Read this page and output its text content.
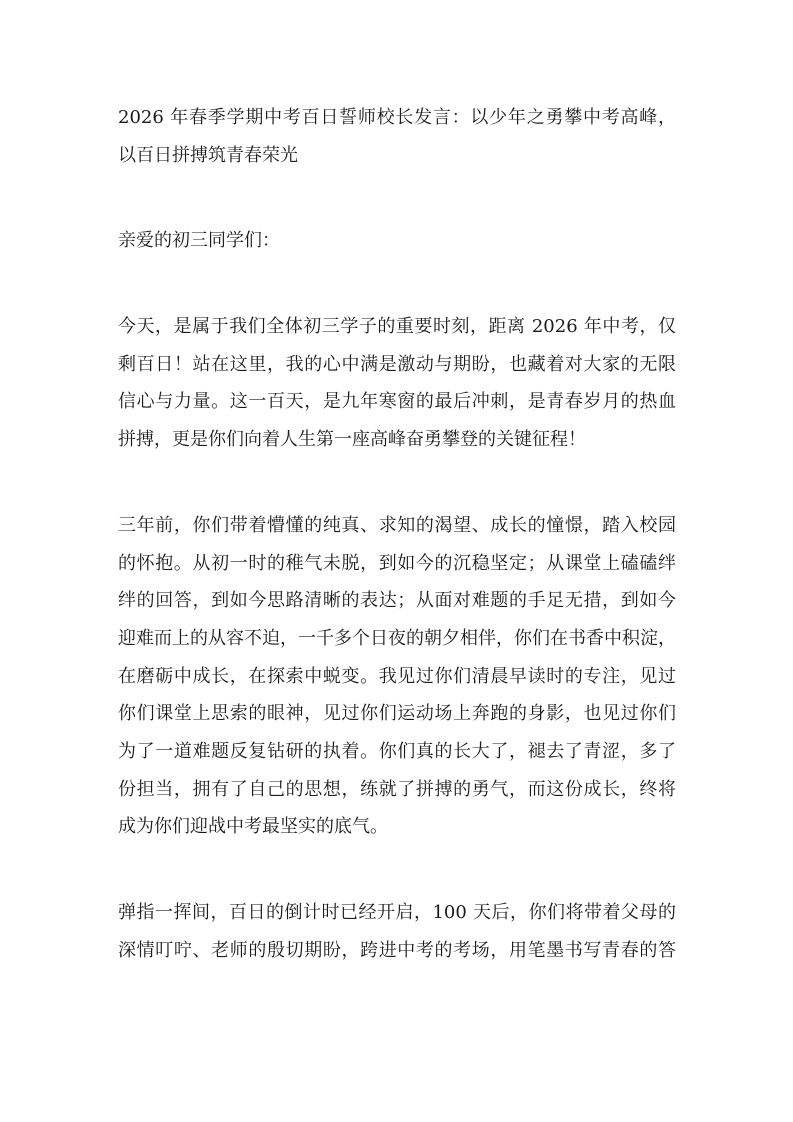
2026 年春季学期中考百日誓师校长发言：以少年之勇攀中考高峰，
以百日拼搏筑青春荣光
亲爱的初三同学们：
今天，是属于我们全体初三学子的重要时刻，距离 2026 年中考，仅
剩百日！站在这里，我的心中满是激动与期盼，也藏着对大家的无限
信心与力量。这一百天，是九年寒窗的最后冲刺，是青春岁月的热血
拼搏，更是你们向着人生第一座高峰奋勇攀登的关键征程！
三年前，你们带着懵懂的纯真、求知的渴望、成长的憧憬，踏入校园
的怀抱。从初一时的稚气未脱，到如今的沉稳坚定；从课堂上磕磕绊
绊的回答，到如今思路清晰的表达；从面对难题的手足无措，到如今
迎难而上的从容不迫，一千多个日夜的朝夕相伴，你们在书香中积淀，
在磨砺中成长，在探索中蜕变。我见过你们清晨早读时的专注，见过
你们课堂上思索的眼神，见过你们运动场上奔跑的身影，也见过你们
为了一道难题反复钻研的执着。你们真的长大了，褪去了青涩，多了
份担当，拥有了自己的思想，练就了拼搏的勇气，而这份成长，终将
成为你们迎战中考最坚实的底气。
弹指一挥间，百日的倒计时已经开启，100 天后，你们将带着父母的
深情叮咛、老师的殷切期盼，跨进中考的考场，用笔墨书写青春的答
